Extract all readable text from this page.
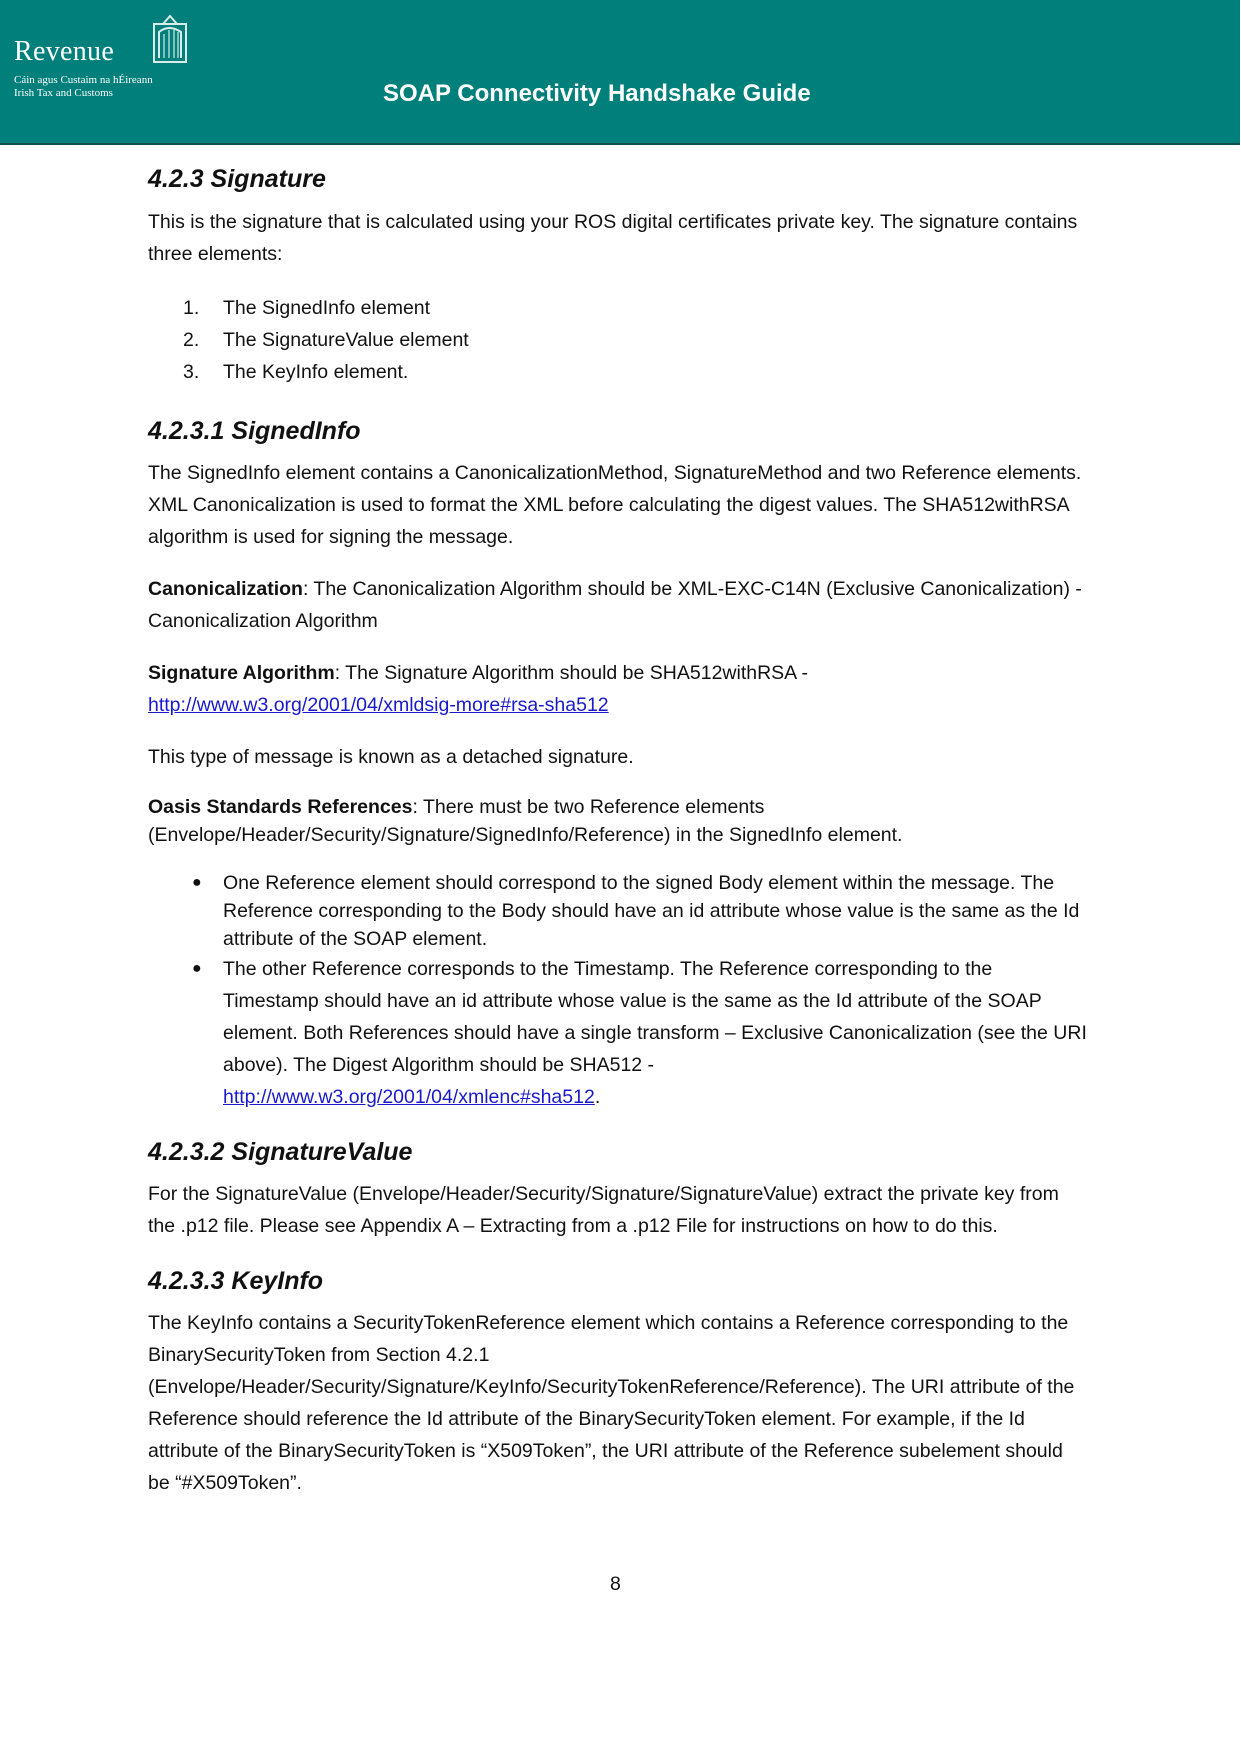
Revenue
Cáin agus Custaim na hÉireann
Irish Tax and Customs	SOAP Connectivity Handshake Guide
4.2.3 Signature

This is the signature that is calculated using your ROS digital certificates private key. The signature contains three elements:

1. The SignedInfo element
2. The SignatureValue element
3. The KeyInfo element.
4.2.3.1 SignedInfo

The SignedInfo element contains a CanonicalizationMethod, SignatureMethod and two Reference elements. XML Canonicalization is used to format the XML before calculating the digest values. The SHA512withRSA algorithm is used for signing the message.

Canonicalization: The Canonicalization Algorithm should be XML-EXC-C14N (Exclusive Canonicalization) - Canonicalization Algorithm

Signature Algorithm: The Signature Algorithm should be SHA512withRSA -
http://www.w3.org/2001/04/xmldsig-more#rsa-sha512

This type of message is known as a detached signature.

Oasis Standards References: There must be two Reference elements (Envelope/Header/Security/Signature/SignedInfo/Reference) in the SignedInfo element.

● One Reference element should correspond to the signed Body element within the message. The Reference corresponding to the Body should have an id attribute whose value is the same as the Id attribute of the SOAP element.
● The other Reference corresponds to the Timestamp. The Reference corresponding to the Timestamp should have an id attribute whose value is the same as the Id attribute of the SOAP element. Both References should have a single transform – Exclusive Canonicalization (see the URI above). The Digest Algorithm should be SHA512 -
http://www.w3.org/2001/04/xmlenc#sha512.
4.2.3.2 SignatureValue

For the SignatureValue (Envelope/Header/Security/Signature/SignatureValue) extract the private key from the .p12 file. Please see Appendix A – Extracting from a .p12 File for instructions on how to do this.

4.2.3.3 KeyInfo

The KeyInfo contains a SecurityTokenReference element which contains a Reference corresponding to the BinarySecurityToken from Section 4.2.1 (Envelope/Header/Security/Signature/KeyInfo/SecurityTokenReference/Reference). The URI attribute of the Reference should reference the Id attribute of the BinarySecurityToken element. For example, if the Id attribute of the BinarySecurityToken is “X509Token”, the URI attribute of the Reference subelement should be “#X509Token”.

8
